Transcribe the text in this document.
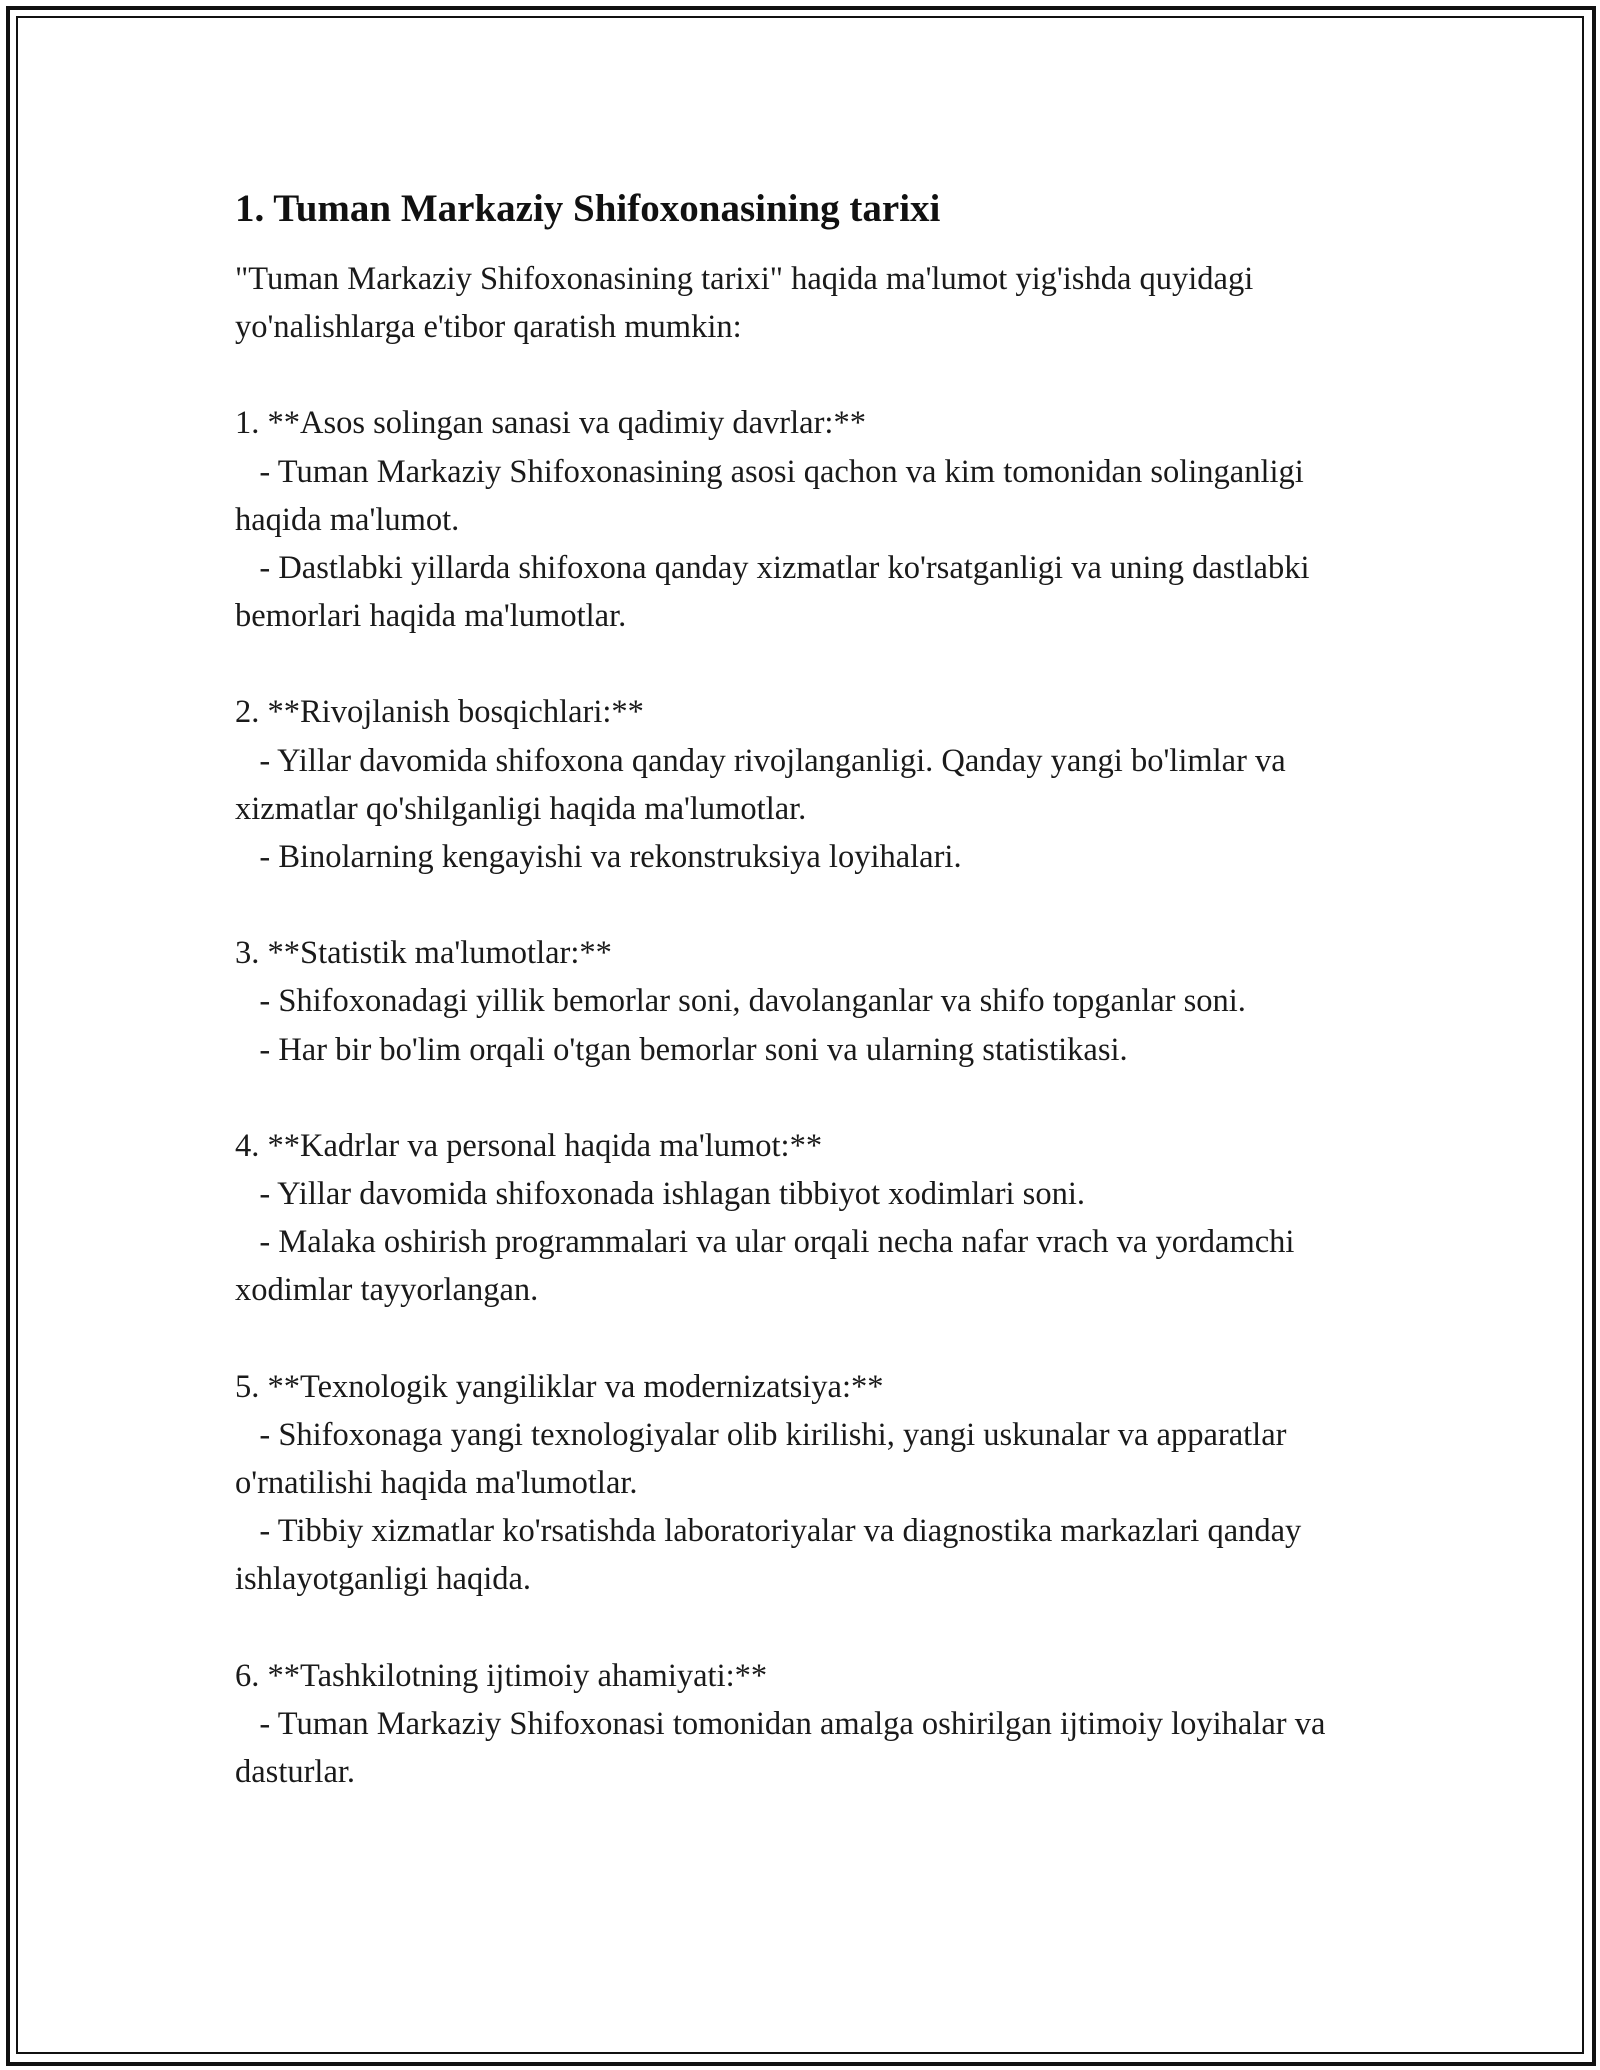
1. Tuman Markaziy Shifoxonasining tarixi

"Tuman Markaziy Shifoxonasining tarixi" haqida ma'lumot yig'ishda quyidagi yo'nalishlarga e'tibor qaratish mumkin:

1. **Asos solingan sanasi va qadimiy davrlar:**

- Tuman Markaziy Shifoxonasining asosi qachon va kim tomonidan solinganligi haqida ma'lumot.

- Dastlabki yillarda shifoxona qanday xizmatlar ko'rsatganligi va uning dastlabki bemorlari haqida ma'lumotlar.

2. **Rivojlanish bosqichlari:**

- Yillar davomida shifoxona qanday rivojlanganligi. Qanday yangi bo'limlar va xizmatlar qo'shilganligi haqida ma'lumotlar.

- Binolarning kengayishi va rekonstruksiya loyihalari.

3. **Statistik ma'lumotlar:**

- Shifoxonadagi yillik bemorlar soni, davolanganlar va shifo topganlar soni.

- Har bir bo'lim orqali o'tgan bemorlar soni va ularning statistikasi.

4. **Kadrlar va personal haqida ma'lumot:**

- Yillar davomida shifoxonada ishlagan tibbiyot xodimlari soni.

- Malaka oshirish programmalari va ular orqali necha nafar vrach va yordamchi xodimlar tayyorlangan.

5. **Texnologik yangiliklar va modernizatsiya:**

- Shifoxonaga yangi texnologiyalar olib kirilishi, yangi uskunalar va apparatlar o'rnatilishi haqida ma'lumotlar.

- Tibbiy xizmatlar ko'rsatishda laboratoriyalar va diagnostika markazlari qanday ishlayotganligi haqida.

6. **Tashkilotning ijtimoiy ahamiyati:**

- Tuman Markaziy Shifoxonasi tomonidan amalga oshirilgan ijtimoiy loyihalar va dasturlar.
